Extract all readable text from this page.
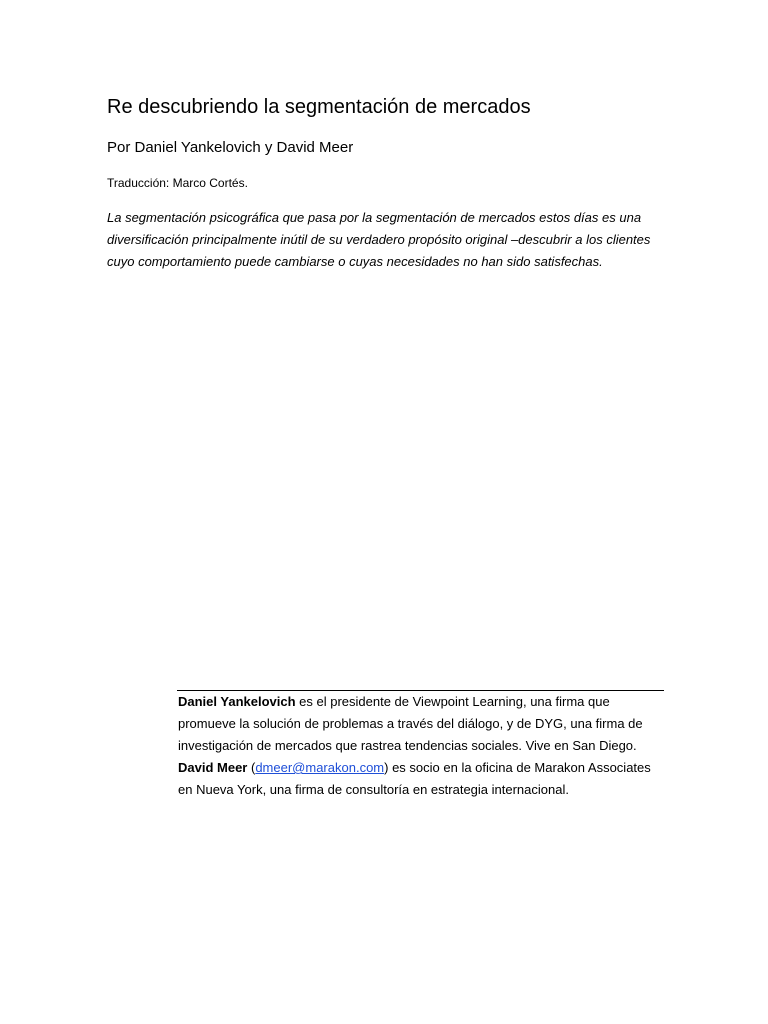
Re descubriendo la segmentación de mercados

Por Daniel Yankelovich y David Meer

Traducción: Marco Cortés.

La segmentación psicográfica que pasa por la segmentación de mercados estos días es una diversificación principalmente inútil de su verdadero propósito original –descubrir a los clientes cuyo comportamiento puede cambiarse o cuyas necesidades no han sido satisfechas.

Daniel Yankelovich es el presidente de Viewpoint Learning, una firma que promueve la solución de problemas a través del diálogo, y de DYG, una firma de investigación de mercados que rastrea tendencias sociales. Vive en San Diego. David Meer (dmeer@marakon.com) es socio en la oficina de Marakon Associates en Nueva York, una firma de consultoría en estrategia internacional.
